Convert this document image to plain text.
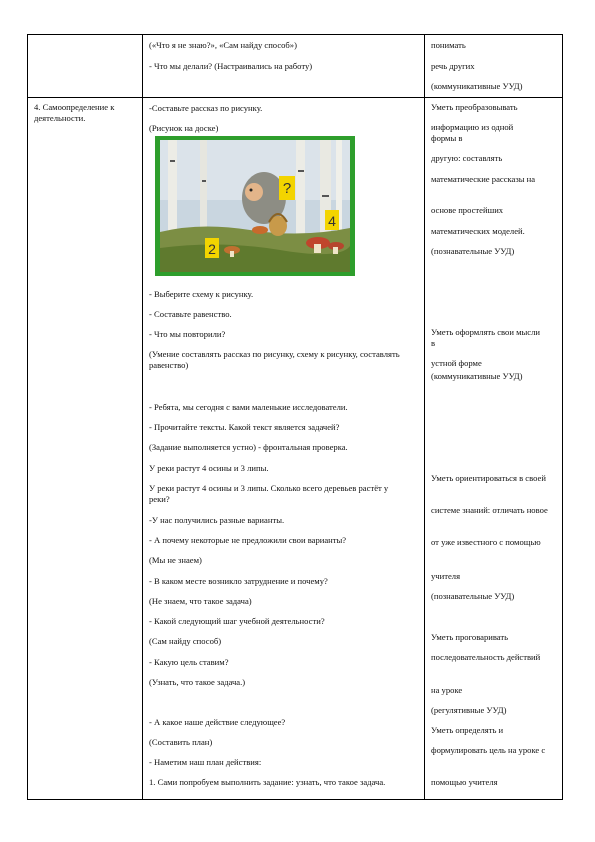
4. Самоопределение к деятельности.
(«Что я не знаю?», «Сам найду способ»)
- Что мы делали? (Настраивались на работу)
-Составьте рассказ по рисунку.
(Рисунок на доске)
?
4
2
- Выберите схему к рисунку.
- Составьте равенство.
- Что мы повторили?
(Умение составлять рассказ по рисунку, схему к рисунку, составлять равенство)
- Ребята, мы сегодня с вами маленькие исследователи.
- Прочитайте тексты. Какой текст является задачей?
(Задание выполняется устно) - фронтальная проверка.
У реки растут 4 осины и 3 липы.
У реки растут 4 осины и 3 липы. Сколько всего деревьев растёт у реки?
-У нас получились разные варианты.
- А почему некоторые не предложили свои варианты?
(Мы не знаем)
- В каком месте возникло затруднение и почему?
(Не знаем, что такое задача)
- Какой следующий шаг учебной деятельности?
(Сам найду способ)
- Какую цель ставим?
(Узнать, что такое задача.)
- А какое наше действие следующее?
(Составить план)
- Наметим наш план действия:
1. Сами попробуем выполнить задание: узнать, что такое задача.
понимать
речь других
(коммуникативные УУД)
Уметь преобразовывать
информацию из одной формы в
другую: составлять
математические рассказы на
основе простейших
математических моделей.
(познавательные УУД)
Уметь оформлять свои мысли в
устной форме
(коммуникативные УУД)
Уметь ориентироваться в своей
системе знаний: отличать новое
от уже известного с помощью
учителя
(познавательные УУД)
Уметь проговаривать
последовательность действий
на уроке
(регулятивные УУД)
Уметь определять и
формулировать цель на уроке с
помощью учителя
